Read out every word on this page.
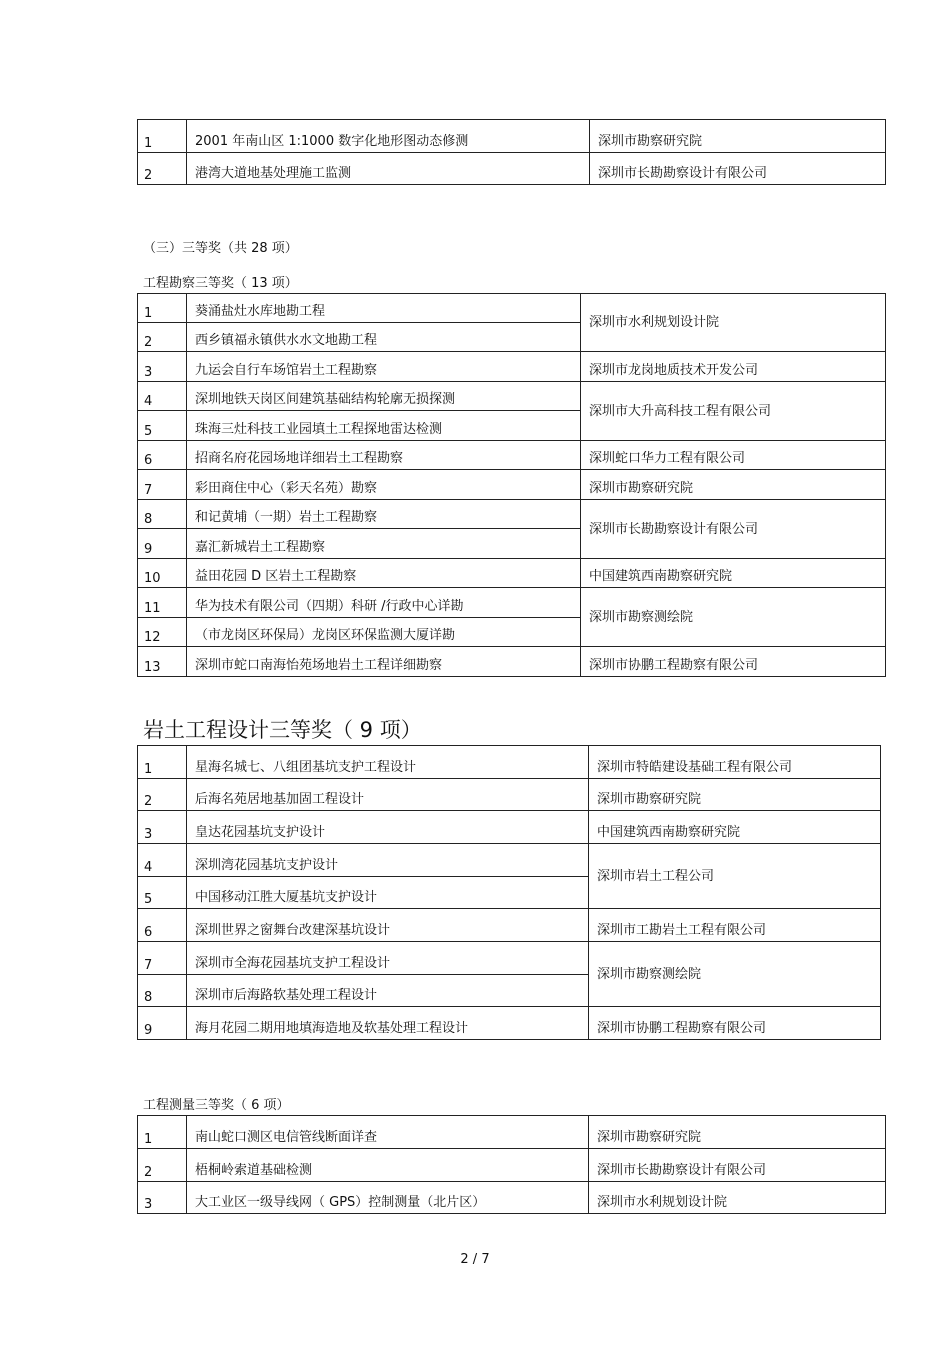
1	2001 年南山区 1:1000 数字化地形图动态修测	深圳市勘察研究院
2	港湾大道地基处理施工监测	深圳市长勘勘察设计有限公司
（三）三等奖（共 28 项）
工程勘察三等奖（ 13 项）
1	葵涌盐灶水库地勘工程	深圳市水利规划设计院
2	西乡镇福永镇供水水文地勘工程	
3	九运会自行车场馆岩土工程勘察	深圳市龙岗地质技术开发公司
4	深圳地铁天岗区间建筑基础结构轮廓无损探测	深圳市大升高科技工程有限公司
5	珠海三灶科技工业园填土工程探地雷达检测	
6	招商名府花园场地详细岩土工程勘察	深圳蛇口华力工程有限公司
7	彩田商住中心（彩天名苑）勘察	深圳市勘察研究院
8	和记黄埔（一期）岩土工程勘察	深圳市长勘勘察设计有限公司
9	嘉汇新城岩土工程勘察	
10	益田花园 D 区岩土工程勘察	中国建筑西南勘察研究院
11	华为技术有限公司（四期）科研 /行政中心详勘	深圳市勘察测绘院
12	（市龙岗区环保局）龙岗区环保监测大厦详勘	
13	深圳市蛇口南海怡苑场地岩土工程详细勘察	深圳市协鹏工程勘察有限公司
岩土工程设计三等奖（ 9 项）
1	星海名城七、八组团基坑支护工程设计	深圳市特皓建设基础工程有限公司
2	后海名苑居地基加固工程设计	深圳市勘察研究院
3	皇达花园基坑支护设计	中国建筑西南勘察研究院
4	深圳湾花园基坑支护设计	深圳市岩土工程公司
5	中国移动江胜大厦基坑支护设计	
6	深圳世界之窗舞台改建深基坑设计	深圳市工勘岩土工程有限公司
7	深圳市全海花园基坑支护工程设计	深圳市勘察测绘院
8	深圳市后海路软基处理工程设计	
9	海月花园二期用地填海造地及软基处理工程设计	深圳市协鹏工程勘察有限公司
工程测量三等奖（ 6 项）
1	南山蛇口测区电信管线断面详查	深圳市勘察研究院
2	梧桐岭索道基础检测	深圳市长勘勘察设计有限公司
3	大工业区一级导线网（ GPS）控制测量（北片区）	深圳市水利规划设计院
2 / 7
